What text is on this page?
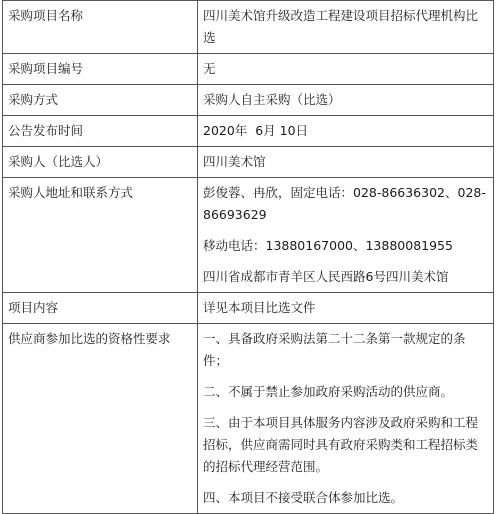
采购项目名称	四川美术馆升级改造工程建设项目招标代理机构比选
采购项目编号	无
采购方式	采购人自主采购（比选）
公告发布时间	2020年  6月 10日
采购人（比选人）	四川美术馆
采购人地址和联系方式	彭俊蓉、冉欣，固定电话：028-86636302、028-86693629

移动电话：13880167000、13880081955

四川省成都市青羊区人民西路6号四川美术馆

项目内容	详见本项目比选文件
供应商参加比选的资格性要求	一、具备政府采购法第二十二条第一款规定的条件；

二、不属于禁止参加政府采购活动的供应商。

三、由于本项目具体服务内容涉及政府采购和工程招标，供应商需同时具有政府采购类和工程招标类的招标代理经营范围。

四、本项目不接受联合体参加比选。
